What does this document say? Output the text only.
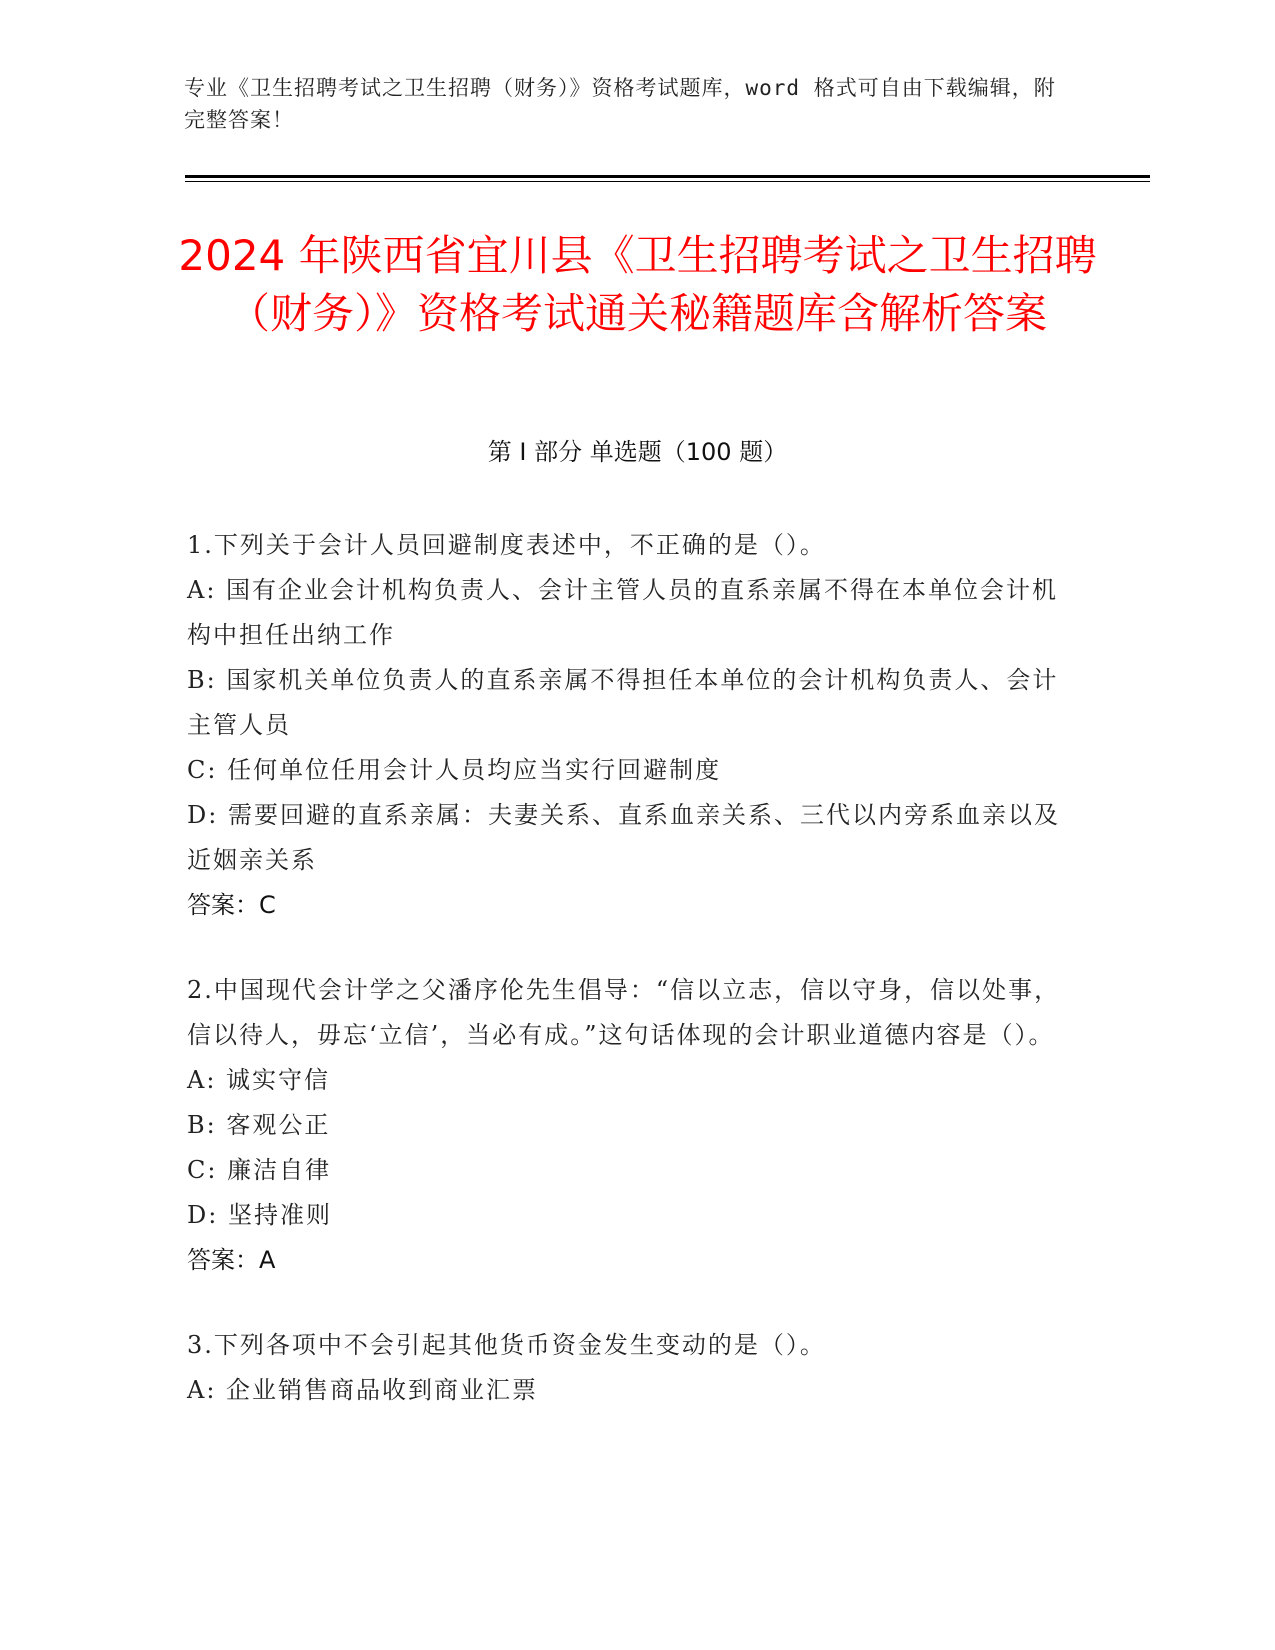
专业《卫生招聘考试之卫生招聘（财务）》资格考试题库，word 格式可自由下载编辑，附完整答案！
2024 年陕西省宜川县《卫生招聘考试之卫生招聘（财务）》资格考试通关秘籍题库含解析答案
第 I 部分 单选题（100 题）

1.下列关于会计人员回避制度表述中，不正确的是（）。

A: 国有企业会计机构负责人、会计主管人员的直系亲属不得在本单位会计机构中担任出纳工作

B: 国家机关单位负责人的直系亲属不得担任本单位的会计机构负责人、会计主管人员

C: 任何单位任用会计人员均应当实行回避制度

D: 需要回避的直系亲属：夫妻关系、直系血亲关系、三代以内旁系血亲以及近姻亲关系

答案：C

2.中国现代会计学之父潘序伦先生倡导：“信以立志，信以守身，信以处事，信以待人，毋忘‘立信’，当必有成。”这句话体现的会计职业道德内容是（）。

A: 诚实守信

B: 客观公正

C: 廉洁自律

D: 坚持准则

答案：A

3.下列各项中不会引起其他货币资金发生变动的是（）。

A: 企业销售商品收到商业汇票
